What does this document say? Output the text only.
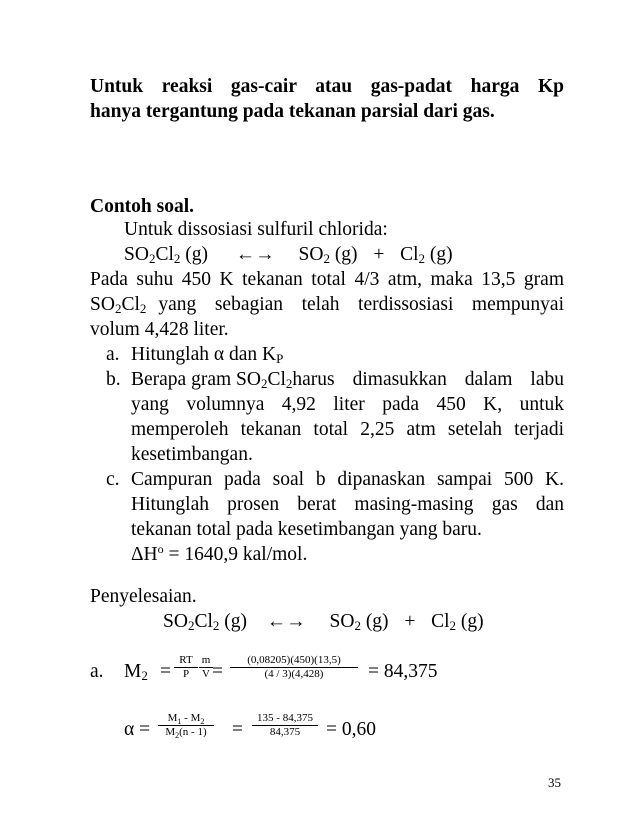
Untuk reaksi gas-cair atau gas-padat harga Kp
hanya tergantung pada tekanan parsial dari gas.
Contoh soal.
Untuk dissosiasi sulfuril chlorida:
$SO_2Cl_2$ (g) ←→ $SO_2$ $(g) + Cl_2$ (g)
Pada suhu 450 K tekanan total 4/3 atm, maka 13,5 gram
$SO_2Cl_2$ yang sebagian telah terdissosiasi mempunyai
volum 4,428 liter.
a. Hitunglah α dan $K_P$
b. Berapa gram $SO_2Cl_2$ harus dimasukkan dalam labu
yang volumnya 4,92 liter pada 450 K, untuk
memperoleh tekanan total 2,25 atm setelah terjadi
kesetimbangan.
c. Campuran pada soal b dipanaskan sampai 500 K.
Hitunglah prosen berat masing-masing gas dan
tekanan total pada kesetimbangan yang baru.
$\Delta H^o = 1640,9$ kal/mol.
Penyelesaian.
$SO_2Cl_2$ (g) ←→ $SO_2$ $(g) + Cl_2$ (g)
a. $M_2$ =
RT
P
m
V =
(0,08205)(450)(13,5)
(4 / 3)(4,428)	= 84,375
α =
$M_1 - M_2$
$M_2(n - 1)$	=
135 - 84,375
84,375	= 0,60
35
